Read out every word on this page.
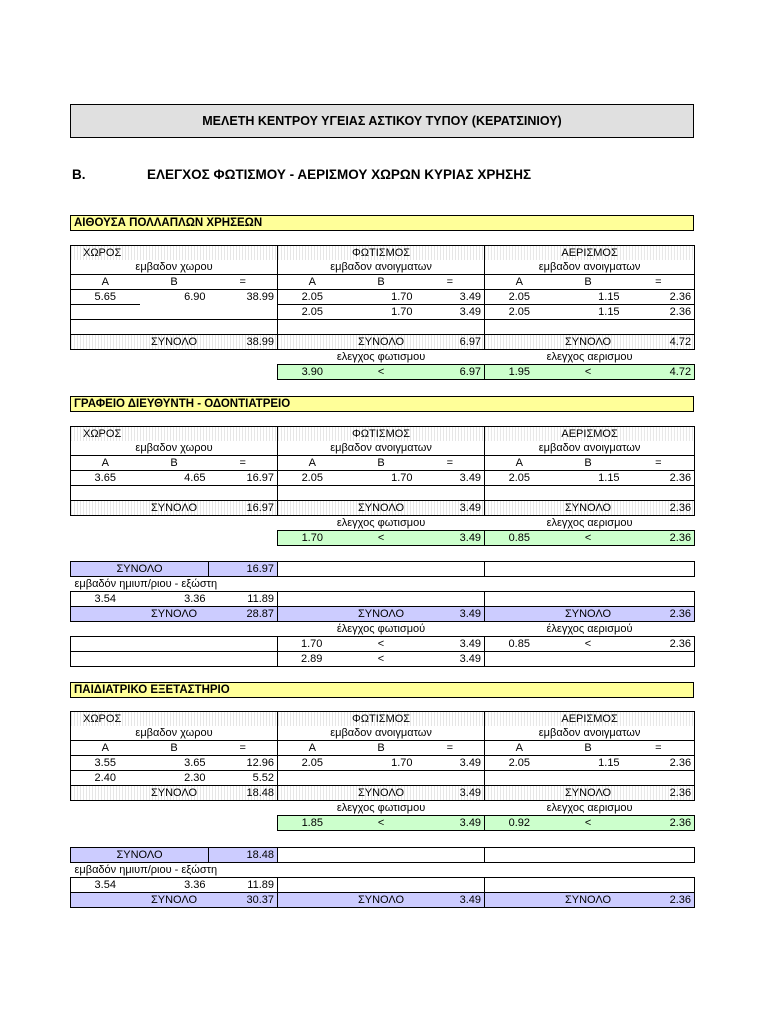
ΜΕΛΕΤΗ ΚΕΝΤΡΟΥ ΥΓΕΙΑΣ ΑΣΤΙΚΟΥ ΤΥΠΟΥ (ΚΕΡΑΤΣΙΝΙΟΥ)
Β.	ΕΛΕΓΧΟΣ ΦΩΤΙΣΜΟΥ - ΑΕΡΙΣΜΟΥ ΧΩΡΩΝ ΚΥΡΙΑΣ ΧΡΗΣΗΣ
ΑΙΘΟΥΣΑ ΠΟΛΛΑΠΛΩΝ ΧΡΗΣΕΩΝ
ΧΩΡΟΣ			ΦΩΤΙΣΜΟΣ			ΑΕΡΙΣΜΟΣ		
εμβαδον χωρου			εμβαδον ανοιγματων			εμβαδον ανοιγματων		
Α	Β	=	Α	Β	=	Α	Β	=
5.65	6.90	38.99	2.05	1.70	3.49	2.05	1.15	2.36
			2.05	1.70	3.49	2.05	1.15	2.36

	ΣΥΝΟΛΟ	38.99		ΣΥΝΟΛΟ	6.97		ΣΥΝΟΛΟ	4.72
			ελεγχος φωτισμου			ελεγχος αερισμου		
			3.90	<	6.97	1.95	<	4.72
ΓΡΑΦΕΙΟ ΔΙΕΥΘΥΝΤΗ - ΟΔΟΝΤΙΑΤΡΕΙΟ
ΧΩΡΟΣ			ΦΩΤΙΣΜΟΣ			ΑΕΡΙΣΜΟΣ		
εμβαδον χωρου			εμβαδον ανοιγματων			εμβαδον ανοιγματων		
Α	Β	=	Α	Β	=	Α	Β	=
3.65	4.65	16.97	2.05	1.70	3.49	2.05	1.15	2.36

	ΣΥΝΟΛΟ	16.97		ΣΥΝΟΛΟ	3.49		ΣΥΝΟΛΟ	2.36
			ελεγχος φωτισμου			ελεγχος αερισμου		
			1.70	<	3.49	0.85	<	2.36
ΣΥΝΟΛΟ		16.97						
εμβαδόν ημιυπ/ριου - εξώστη								
3.54	3.36	11.89						
	ΣΥΝΟΛΟ	28.87		ΣΥΝΟΛΟ	3.49		ΣΥΝΟΛΟ	2.36
			έλεγχος φωτισμού			έλεγχος αερισμού		
			1.70	<	3.49	0.85	<	2.36
			2.89	<	3.49			
ΠΑΙΔΙΑΤΡΙΚΟ ΕΞΕΤΑΣΤΗΡΙΟ
ΧΩΡΟΣ			ΦΩΤΙΣΜΟΣ			ΑΕΡΙΣΜΟΣ		
εμβαδον χωρου			εμβαδον ανοιγματων			εμβαδον ανοιγματων		
Α	Β	=	Α	Β	=	Α	Β	=
3.55	3.65	12.96	2.05	1.70	3.49	2.05	1.15	2.36
2.40	2.30	5.52						
	ΣΥΝΟΛΟ	18.48		ΣΥΝΟΛΟ	3.49		ΣΥΝΟΛΟ	2.36
			ελεγχος φωτισμου			ελεγχος αερισμου		
			1.85	<	3.49	0.92	<	2.36
ΣΥΝΟΛΟ		18.48						
εμβαδόν ημιυπ/ριου - εξώστη								
3.54	3.36	11.89						
	ΣΥΝΟΛΟ	30.37		ΣΥΝΟΛΟ	3.49		ΣΥΝΟΛΟ	2.36
